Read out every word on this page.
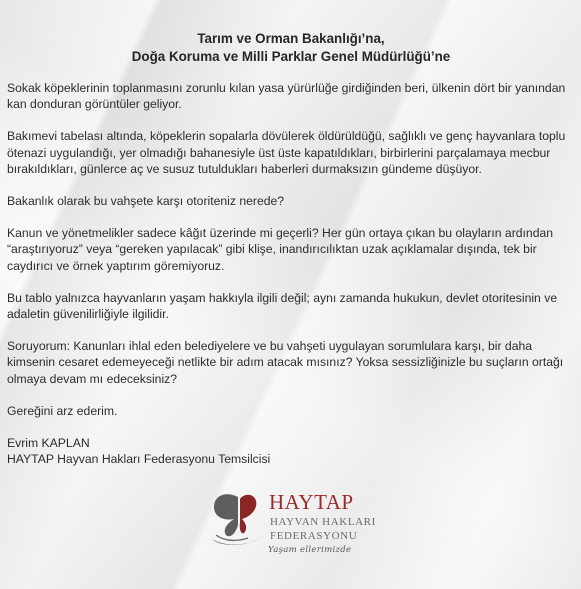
Tarım ve Orman Bakanlığı’na,
Doğa Koruma ve Milli Parklar Genel Müdürlüğü’ne

Sokak köpeklerinin toplanmasını zorunlu kılan yasa yürürlüğe girdiğinden beri, ülkenin dört bir yanından kan donduran görüntüler geliyor.

Bakımevi tabelası altında, köpeklerin sopalarla dövülerek öldürüldüğü, sağlıklı ve genç hayvanlara toplu ötenazi uygulandığı, yer olmadığı bahanesiyle üst üste kapatıldıkları, birbirlerini parçalamaya mecbur bırakıldıkları, günlerce aç ve susuz tutuldukları haberleri durmaksızın gündeme düşüyor.

Bakanlık olarak bu vahşete karşı otoriteniz nerede?

Kanun ve yönetmelikler sadece kâğıt üzerinde mi geçerli? Her gün ortaya çıkan bu olayların ardından “araştırıyoruz” veya “gereken yapılacak” gibi klişe, inandırıcılıktan uzak açıklamalar dışında, tek bir caydırıcı ve örnek yaptırım göremiyoruz.

Bu tablo yalnızca hayvanların yaşam hakkıyla ilgili değil; aynı zamanda hukukun, devlet otoritesinin ve adaletin güvenilirliğiyle ilgilidir.

Soruyorum: Kanunları ihlal eden belediyelere ve bu vahşeti uygulayan sorumlulara karşı, bir daha kimsenin cesaret edemeyeceği netlikte bir adım atacak mısınız? Yoksa sessizliğinizle bu suçların ortağı olmaya devam mı edeceksiniz?

Gereğini arz ederim.

Evrim KAPLAN
HAYTAP Hayvan Hakları Federasyonu Temsilcisi
HAYTAP
HAYVAN HAKLARI
FEDERASYONU
Yaşam ellerimizde
